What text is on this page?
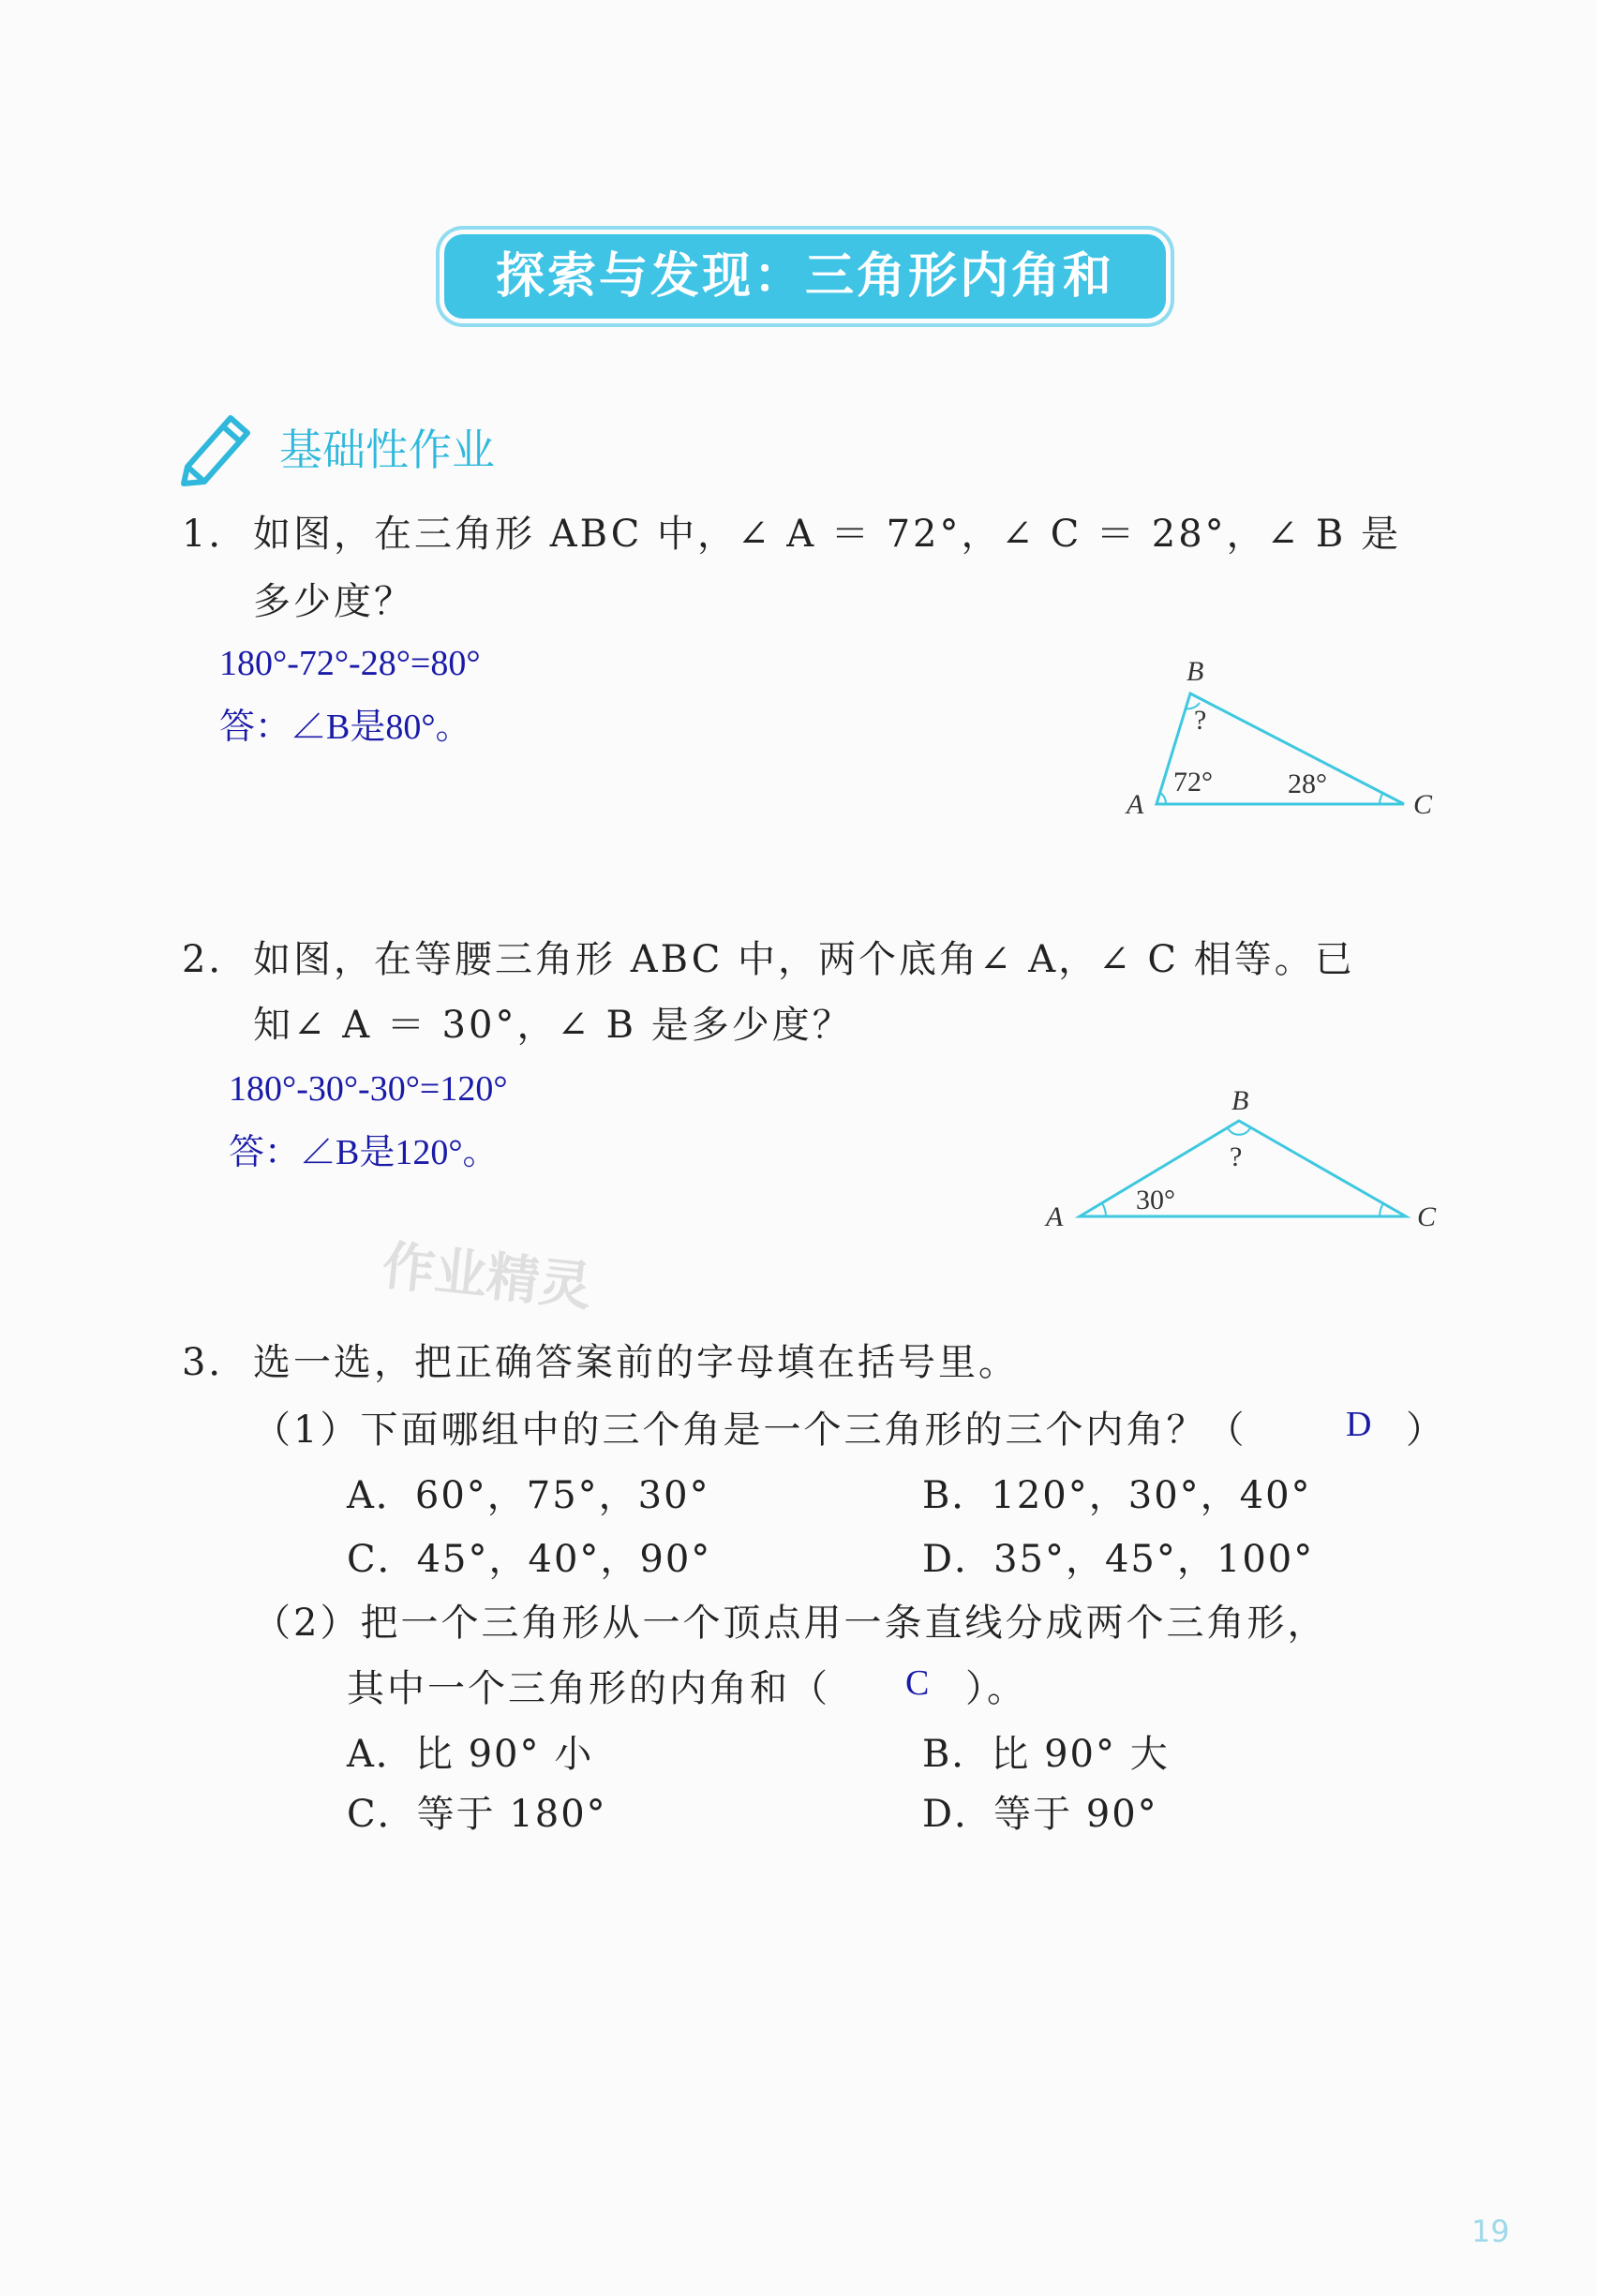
探索与发现：三角形内角和
基础性作业
1． 如图，在三角形 ABC 中，∠ A ＝ 72°，∠ C ＝ 28°，∠ B 是
多少度？
180°-72°-28°=80°
答：∠B是80°。
B
A	C
?
72°	28°
2． 如图，在等腰三角形 ABC 中，两个底角∠ A，∠ C 相等。已
知∠ A ＝ 30°，∠ B 是多少度？
180°-30°-30°=120°
答：∠B是120°。
B
A	C
?
30°
作业精灵
3． 选一选，把正确答案前的字母填在括号里。
（1）下面哪组中的三个角是一个三角形的三个内角？（	D ）
A．60°，75°，30°	B．120°，30°，40°
C．45°，40°，90°	D．35°，45°，100°
（2）把一个三角形从一个顶点用一条直线分成两个三角形，
其中一个三角形的内角和（ C ）。
A．比 90° 小	B．比 90° 大
C．等于 180°	D．等于 90°
19
